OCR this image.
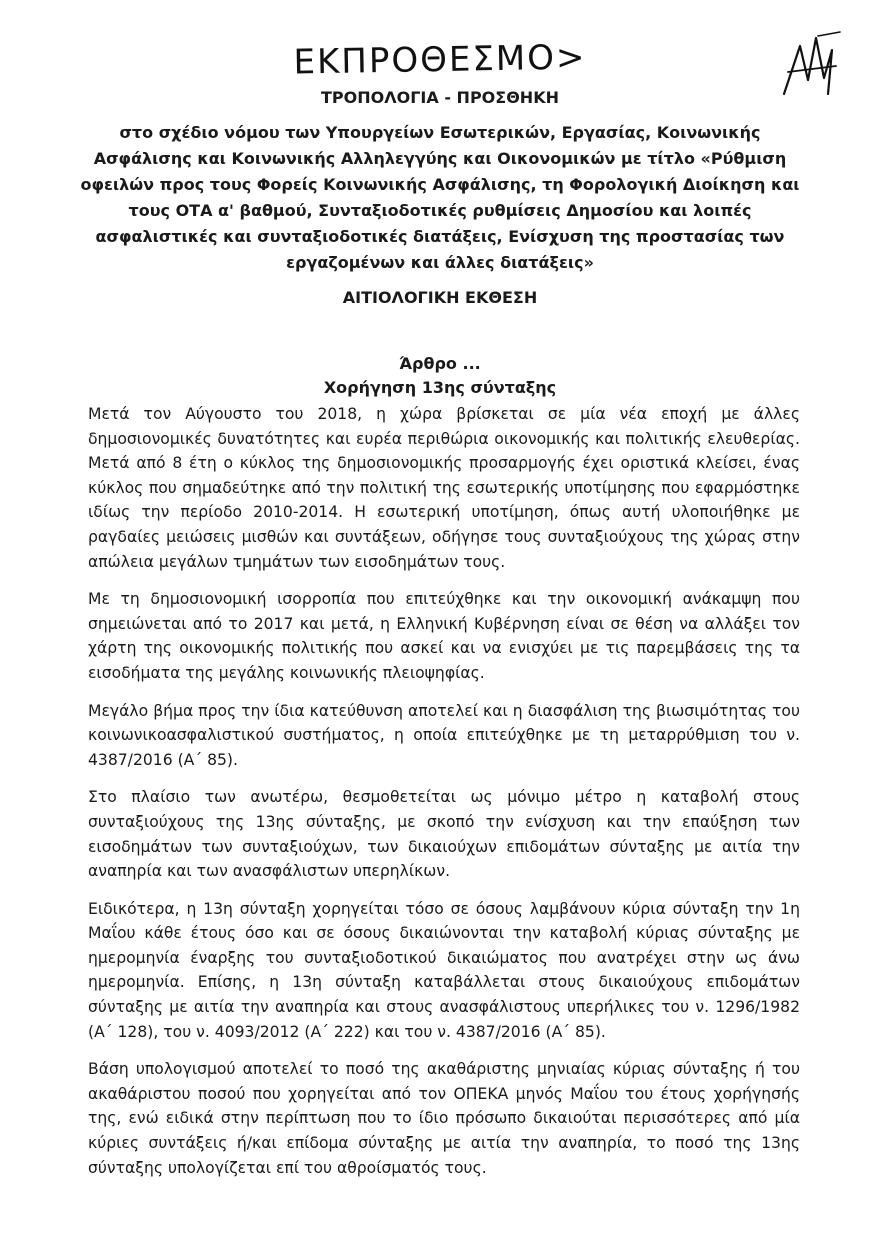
ΕΚΠΡΟΘΕΣΜΟ>

ΤΡΟΠΟΛΟΓΙΑ - ΠΡΟΣΘΗΚΗ

στο σχέδιο νόμου των Υπουργείων Εσωτερικών, Εργασίας, Κοινωνικής Ασφάλισης και Κοινωνικής Αλληλεγγύης και Οικονομικών με τίτλο «Ρύθμιση οφειλών προς τους Φορείς Κοινωνικής Ασφάλισης, τη Φορολογική Διοίκηση και τους ΟΤΑ α' βαθμού, Συνταξιοδοτικές ρυθμίσεις Δημοσίου και λοιπές ασφαλιστικές και συνταξιοδοτικές διατάξεις, Ενίσχυση της προστασίας των εργαζομένων και άλλες διατάξεις»

ΑΙΤΙΟΛΟΓΙΚΗ ΕΚΘΕΣΗ

Άρθρο ...

Χορήγηση 13ης σύνταξης

Μετά τον Αύγουστο του 2018, η χώρα βρίσκεται σε μία νέα εποχή με άλλες δημοσιονομικές δυνατότητες και ευρέα περιθώρια οικονομικής και πολιτικής ελευθερίας. Μετά από 8 έτη ο κύκλος της δημοσιονομικής προσαρμογής έχει οριστικά κλείσει, ένας κύκλος που σημαδεύτηκε από την πολιτική της εσωτερικής υποτίμησης που εφαρμόστηκε ιδίως την περίοδο 2010-2014. Η εσωτερική υποτίμηση, όπως αυτή υλοποιήθηκε με ραγδαίες μειώσεις μισθών και συντάξεων, οδήγησε τους συνταξιούχους της χώρας στην απώλεια μεγάλων τμημάτων των εισοδημάτων τους.

Με τη δημοσιονομική ισορροπία που επιτεύχθηκε και την οικονομική ανάκαμψη που σημειώνεται από το 2017 και μετά, η Ελληνική Κυβέρνηση είναι σε θέση να αλλάξει τον χάρτη της οικονομικής πολιτικής που ασκεί και να ενισχύει με τις παρεμβάσεις της τα εισοδήματα της μεγάλης κοινωνικής πλειοψηφίας.

Μεγάλο βήμα προς την ίδια κατεύθυνση αποτελεί και η διασφάλιση της βιωσιμότητας του κοινωνικοασφαλιστικού συστήματος, η οποία επιτεύχθηκε με τη μεταρρύθμιση του ν. 4387/2016 (Α΄ 85).

Στο πλαίσιο των ανωτέρω, θεσμοθετείται ως μόνιμο μέτρο η καταβολή στους συνταξιούχους της 13ης σύνταξης, με σκοπό την ενίσχυση και την επαύξηση των εισοδημάτων των συνταξιούχων, των δικαιούχων επιδομάτων σύνταξης με αιτία την αναπηρία και των ανασφάλιστων υπερηλίκων.

Ειδικότερα, η 13η σύνταξη χορηγείται τόσο σε όσους λαμβάνουν κύρια σύνταξη την 1η Μαΐου κάθε έτους όσο και σε όσους δικαιώνονται την καταβολή κύριας σύνταξης με ημερομηνία έναρξης του συνταξιοδοτικού δικαιώματος που ανατρέχει στην ως άνω ημερομηνία. Επίσης, η 13η σύνταξη καταβάλλεται στους δικαιούχους επιδομάτων σύνταξης με αιτία την αναπηρία και στους ανασφάλιστους υπερήλικες του ν. 1296/1982 (Α΄ 128), του ν. 4093/2012 (Α΄ 222) και του ν. 4387/2016 (Α΄ 85).

Βάση υπολογισμού αποτελεί το ποσό της ακαθάριστης μηνιαίας κύριας σύνταξης ή του ακαθάριστου ποσού που χορηγείται από τον ΟΠΕΚΑ μηνός Μαΐου του έτους χορήγησής της, ενώ ειδικά στην περίπτωση που το ίδιο πρόσωπο δικαιούται περισσότερες από μία κύριες συντάξεις ή/και επίδομα σύνταξης με αιτία την αναπηρία, το ποσό της 13ης σύνταξης υπολογίζεται επί του αθροίσματός τους.
